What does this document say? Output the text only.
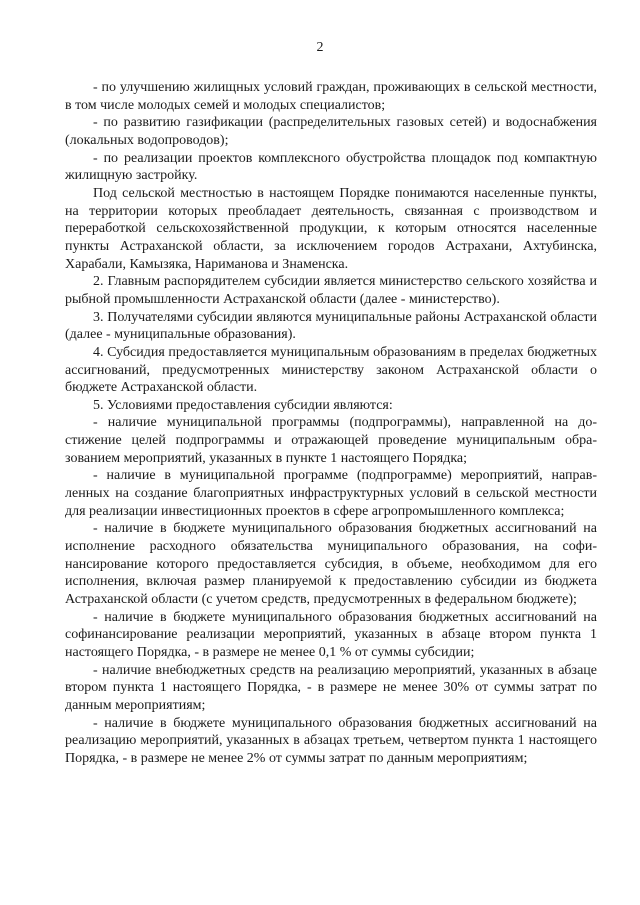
2

- по улучшению жилищных условий граждан, проживающих в сельской местности, в том числе молодых семей и молодых специалистов;

- по развитию газификации (распределительных газовых сетей) и водоснабжения (локальных водопроводов);

- по реализации проектов комплексного обустройства площадок под компактную жилищную застройку.

Под сельской местностью в настоящем Порядке понимаются населенные пункты, на территории которых преобладает деятельность, связанная с производством и переработкой сельскохозяйственной продукции, к которым относятся населенные пункты Астраханской области, за исключением городов Астрахани, Ахтубинска, Харабали, Камызяка, Нариманова и Знаменска.

2. Главным распорядителем субсидии является министерство сельского хозяйства и рыбной промышленности Астраханской области (далее - министерство).

3. Получателями субсидии являются муниципальные районы Астраханской области (далее - муниципальные образования).

4. Субсидия предоставляется муниципальным образованиям в пределах бюджетных ассигнований, предусмотренных министерству законом Астраханской области о бюджете Астраханской области.

5. Условиями предоставления субсидии являются:

- наличие муниципальной программы (подпрограммы), направленной на достижение целей подпрограммы и отражающей проведение муниципальным образованием мероприятий, указанных в пункте 1 настоящего Порядка;

- наличие в муниципальной программе (подпрограмме) мероприятий, направленных на создание благоприятных инфраструктурных условий в сельской местности для реализации инвестиционных проектов в сфере агропромышленного комплекса;

- наличие в бюджете муниципального образования бюджетных ассигнований на исполнение расходного обязательства муниципального образования, на софинансирование которого предоставляется субсидия, в объеме, необходимом для его исполнения, включая размер планируемой к предоставлению субсидии из бюджета Астраханской области (с учетом средств, предусмотренных в федеральном бюджете);

- наличие в бюджете муниципального образования бюджетных ассигнований на софинансирование реализации мероприятий, указанных в абзаце втором пункта 1 настоящего Порядка, - в размере не менее 0,1 % от суммы субсидии;

- наличие внебюджетных средств на реализацию мероприятий, указанных в абзаце втором пункта 1 настоящего Порядка, - в размере не менее 30% от суммы затрат по данным мероприятиям;

- наличие в бюджете муниципального образования бюджетных ассигнований на реализацию мероприятий, указанных в абзацах третьем, четвертом пункта 1 настоящего Порядка, - в размере не менее 2% от суммы затрат по данным мероприятиям;
